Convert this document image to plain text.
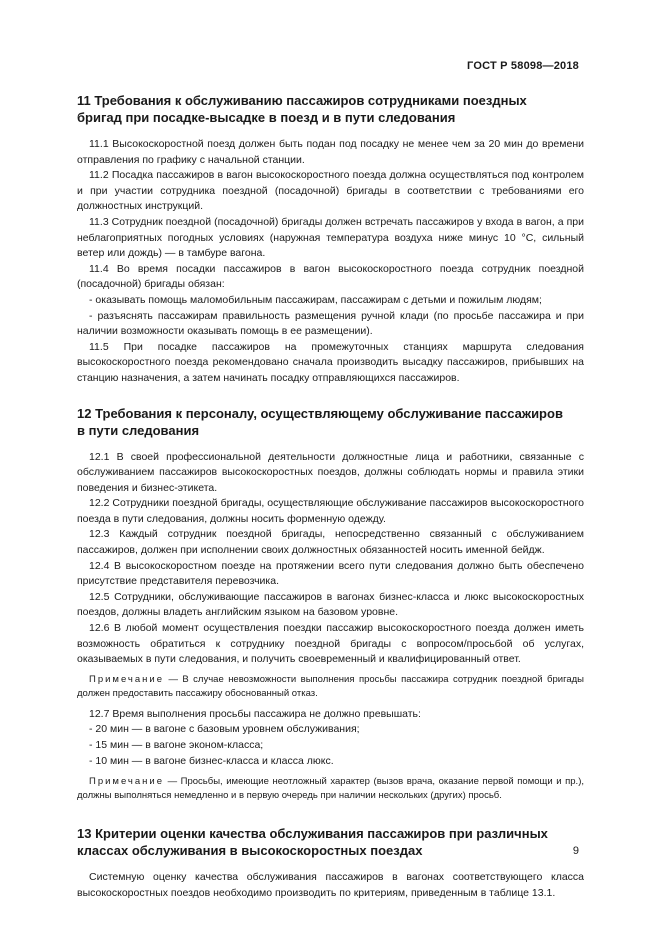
ГОСТ Р 58098—2018
11 Требования к обслуживанию пассажиров сотрудниками поездных
бригад при посадке-высадке в поезд и в пути следования

11.1 Высокоскоростной поезд должен быть подан под посадку не менее чем за 20 мин до времени отправления по графику с начальной станции.

11.2 Посадка пассажиров в вагон высокоскоростного поезда должна осуществляться под контролем и при участии сотрудника поездной (посадочной) бригады в соответствии с требованиями его должностных инструкций.

11.3 Сотрудник поездной (посадочной) бригады должен встречать пассажиров у входа в вагон, а при неблагоприятных погодных условиях (наружная температура воздуха ниже минус 10 °С, сильный ветер или дождь) — в тамбуре вагона.

11.4 Во время посадки пассажиров в вагон высокоскоростного поезда сотрудник поездной (посадочной) бригады обязан:

- оказывать помощь маломобильным пассажирам, пассажирам с детьми и пожилым людям;

- разъяснять пассажирам правильность размещения ручной клади (по просьбе пассажира и при наличии возможности оказывать помощь в ее размещении).

11.5 При посадке пассажиров на промежуточных станциях маршрута следования высокоскоростного поезда рекомендовано сначала производить высадку пассажиров, прибывших на станцию назначения, а затем начинать посадку отправляющихся пассажиров.

12 Требования к персоналу, осуществляющему обслуживание пассажиров
в пути следования

12.1 В своей профессиональной деятельности должностные лица и работники, связанные с обслуживанием пассажиров высокоскоростных поездов, должны соблюдать нормы и правила этики поведения и бизнес-этикета.

12.2 Сотрудники поездной бригады, осуществляющие обслуживание пассажиров высокоскоростного поезда в пути следования, должны носить форменную одежду.

12.3 Каждый сотрудник поездной бригады, непосредственно связанный с обслуживанием пассажиров, должен при исполнении своих должностных обязанностей носить именной бейдж.

12.4 В высокоскоростном поезде на протяжении всего пути следования должно быть обеспечено присутствие представителя перевозчика.

12.5 Сотрудники, обслуживающие пассажиров в вагонах бизнес-класса и люкс высокоскоростных поездов, должны владеть английским языком на базовом уровне.

12.6 В любой момент осуществления поездки пассажир высокоскоростного поезда должен иметь возможность обратиться к сотруднику поездной бригады с вопросом/просьбой об услугах, оказываемых в пути следования, и получить своевременный и квалифицированный ответ.

Примечание — В случае невозможности выполнения просьбы пассажира сотрудник поездной бригады должен предоставить пассажиру обоснованный отказ.

12.7 Время выполнения просьбы пассажира не должно превышать:

- 20 мин — в вагоне с базовым уровнем обслуживания;

- 15 мин — в вагоне эконом-класса;

- 10 мин — в вагоне бизнес-класса и класса люкс.

Примечание — Просьбы, имеющие неотложный характер (вызов врача, оказание первой помощи и пр.), должны выполняться немедленно и в первую очередь при наличии нескольких (других) просьб.

13 Критерии оценки качества обслуживания пассажиров при различных
классах обслуживания в высокоскоростных поездах

Системную оценку качества обслуживания пассажиров в вагонах соответствующего класса высокоскоростных поездов необходимо производить по критериям, приведенным в таблице 13.1.

9
